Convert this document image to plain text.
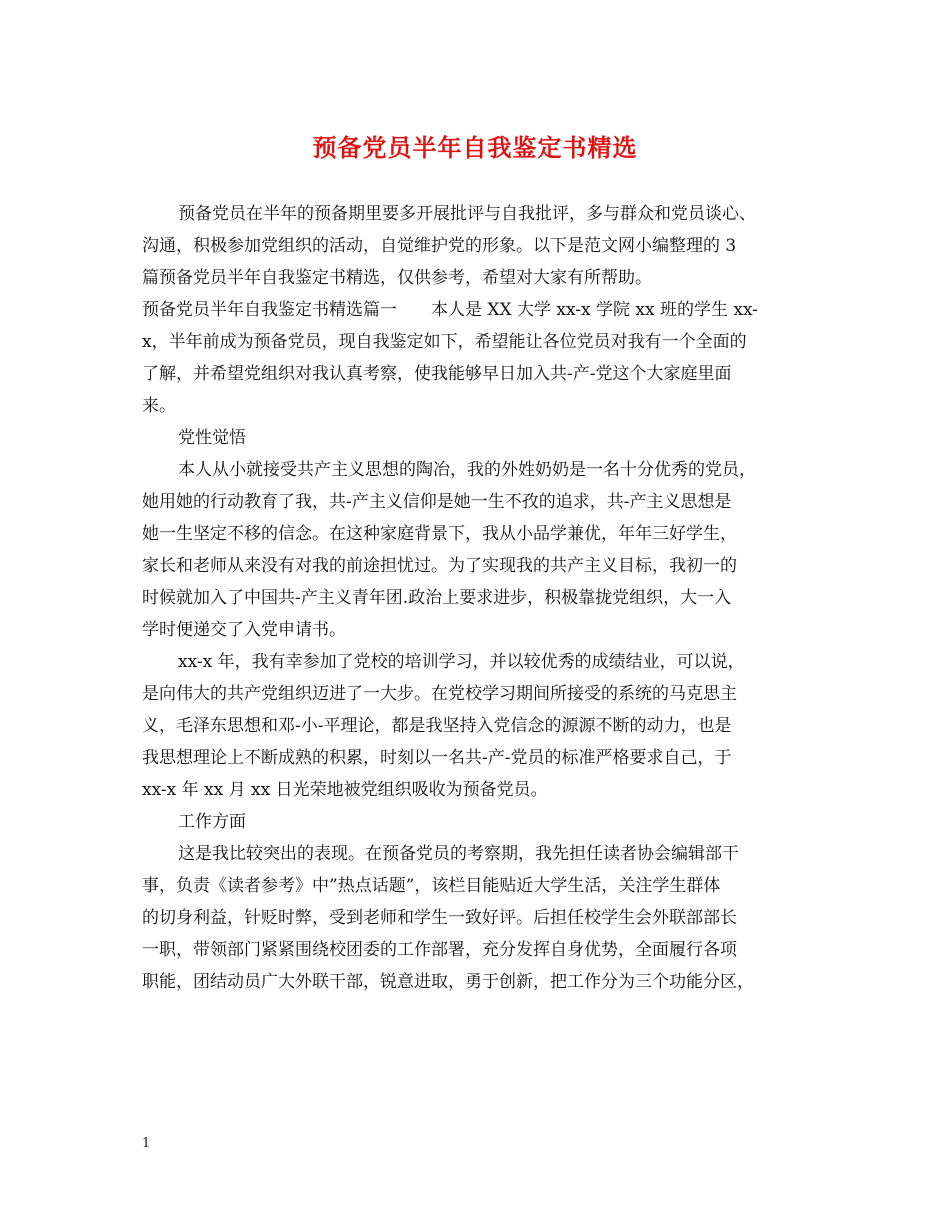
预备党员半年自我鉴定书精选
预备党员在半年的预备期里要多开展批评与自我批评，多与群众和党员谈心、
沟通，积极参加党组织的活动，自觉维护党的形象。以下是范文网小编整理的 3
篇预备党员半年自我鉴定书精选，仅供参考，希望对大家有所帮助。
预备党员半年自我鉴定书精选篇一　　本人是 XX 大学 xx-x 学院 xx 班的学生 xx-
x，半年前成为预备党员，现自我鉴定如下，希望能让各位党员对我有一个全面的
了解，并希望党组织对我认真考察，使我能够早日加入共-产-党这个大家庭里面
来。
党性觉悟
本人从小就接受共产主义思想的陶冶，我的外姓奶奶是一名十分优秀的党员，
她用她的行动教育了我，共-产主义信仰是她一生不孜的追求，共-产主义思想是
她一生坚定不移的信念。在这种家庭背景下，我从小品学兼优，年年三好学生，
家长和老师从来没有对我的前途担忧过。为了实现我的共产主义目标，我初一的
时候就加入了中国共-产主义青年团.政治上要求进步，积极靠拢党组织，大一入
学时便递交了入党申请书。
xx-x 年，我有幸参加了党校的培训学习，并以较优秀的成绩结业，可以说，
是向伟大的共产党组织迈进了一大步。在党校学习期间所接受的系统的马克思主
义，毛泽东思想和邓-小-平理论，都是我坚持入党信念的源源不断的动力，也是
我思想理论上不断成熟的积累，时刻以一名共-产-党员的标准严格要求自己，于
xx-x 年 xx 月 xx 日光荣地被党组织吸收为预备党员。
工作方面
这是我比较突出的表现。在预备党员的考察期，我先担任读者协会编辑部干
事，负责《读者参考》中”热点话题”，该栏目能贴近大学生活，关注学生群体
的切身利益，针贬时弊，受到老师和学生一致好评。后担任校学生会外联部部长
一职，带领部门紧紧围绕校团委的工作部署，充分发挥自身优势，全面履行各项
职能，团结动员广大外联干部，锐意进取，勇于创新，把工作分为三个功能分区，
1
